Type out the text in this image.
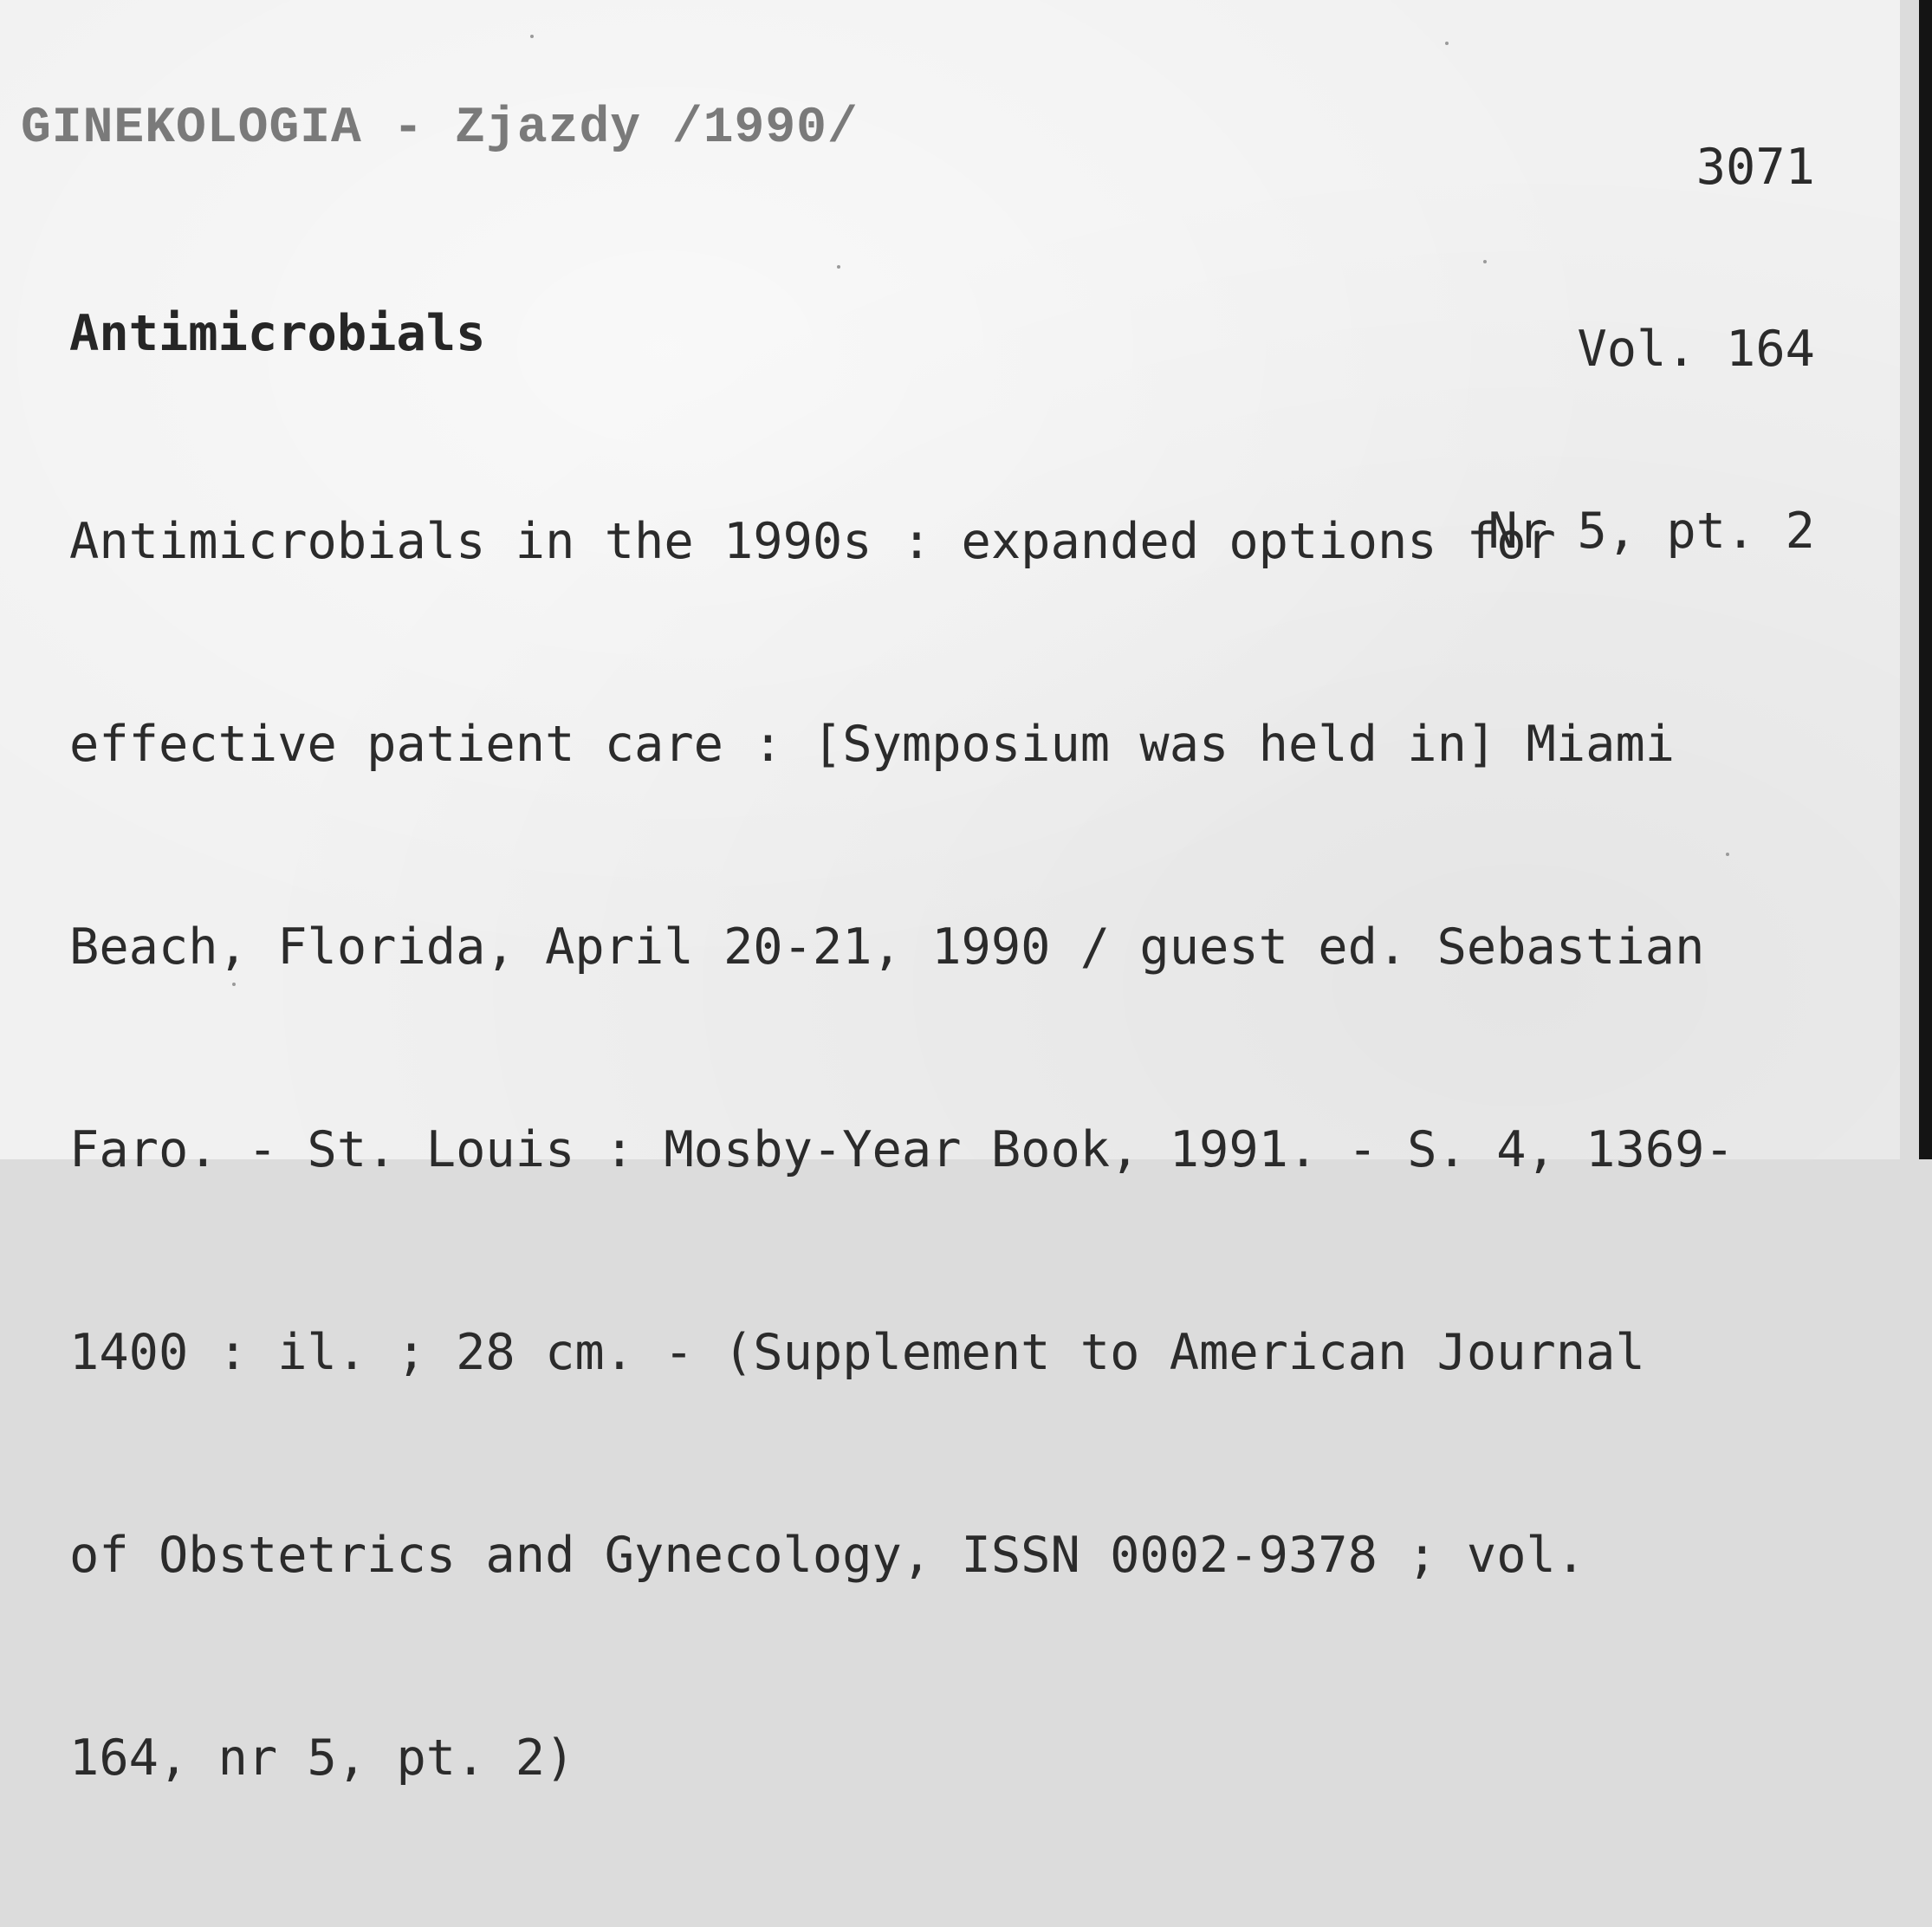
GINEKOLOGIA - Zjazdy /1990/

3071

Vol. 164

Nr 5, pt. 2

Antimicrobials

Antimicrobials in the 1990s : expanded options for

effective patient care : [Symposium was held in] Miami

Beach, Florida, April 20-21, 1990 / guest ed. Sebastian

Faro. - St. Louis : Mosby-Year Book, 1991. - S. 4, 1369-

1400 : il. ; 28 cm. - (Supplement to American Journal

of Obstetrics and Gynecology, ISSN 0002-9378 ; vol.

164, nr 5, pt. 2)
